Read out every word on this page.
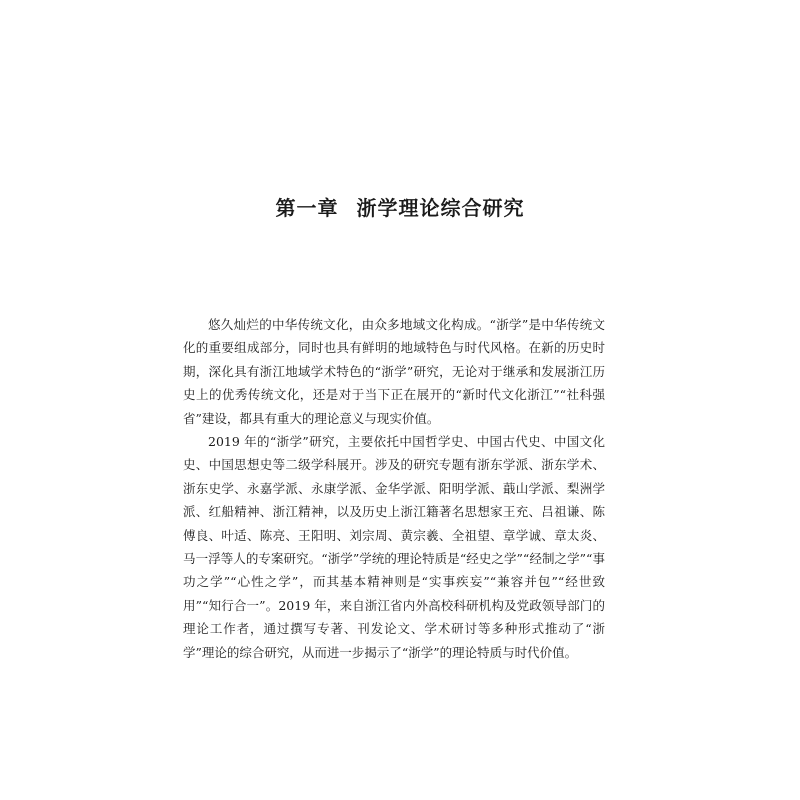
第一章 浙学理论综合研究

悠久灿烂的中华传统文化，由众多地域文化构成。“浙学”是中华传统文化的重要组成部分，同时也具有鲜明的地域特色与时代风格。在新的历史时期，深化具有浙江地域学术特色的“浙学”研究，无论对于继承和发展浙江历史上的优秀传统文化，还是对于当下正在展开的“新时代文化浙江”“社科强省”建设，都具有重大的理论意义与现实价值。

2019 年的“浙学”研究，主要依托中国哲学史、中国古代史、中国文化史、中国思想史等二级学科展开。涉及的研究专题有浙东学派、浙东学术、浙东史学、永嘉学派、永康学派、金华学派、阳明学派、蕺山学派、梨洲学派、红船精神、浙江精神，以及历史上浙江籍著名思想家王充、吕祖谦、陈傅良、叶适、陈亮、王阳明、刘宗周、黄宗羲、全祖望、章学诚、章太炎、马一浮等人的专案研究。“浙学”学统的理论特质是“经史之学”“经制之学”“事功之学”“心性之学”，而其基本精神则是“实事疾妄”“兼容并包”“经世致用”“知行合一”。2019 年，来自浙江省内外高校科研机构及党政领导部门的理论工作者，通过撰写专著、刊发论文、学术研讨等多种形式推动了“浙学”理论的综合研究，从而进一步揭示了“浙学”的理论特质与时代价值。
